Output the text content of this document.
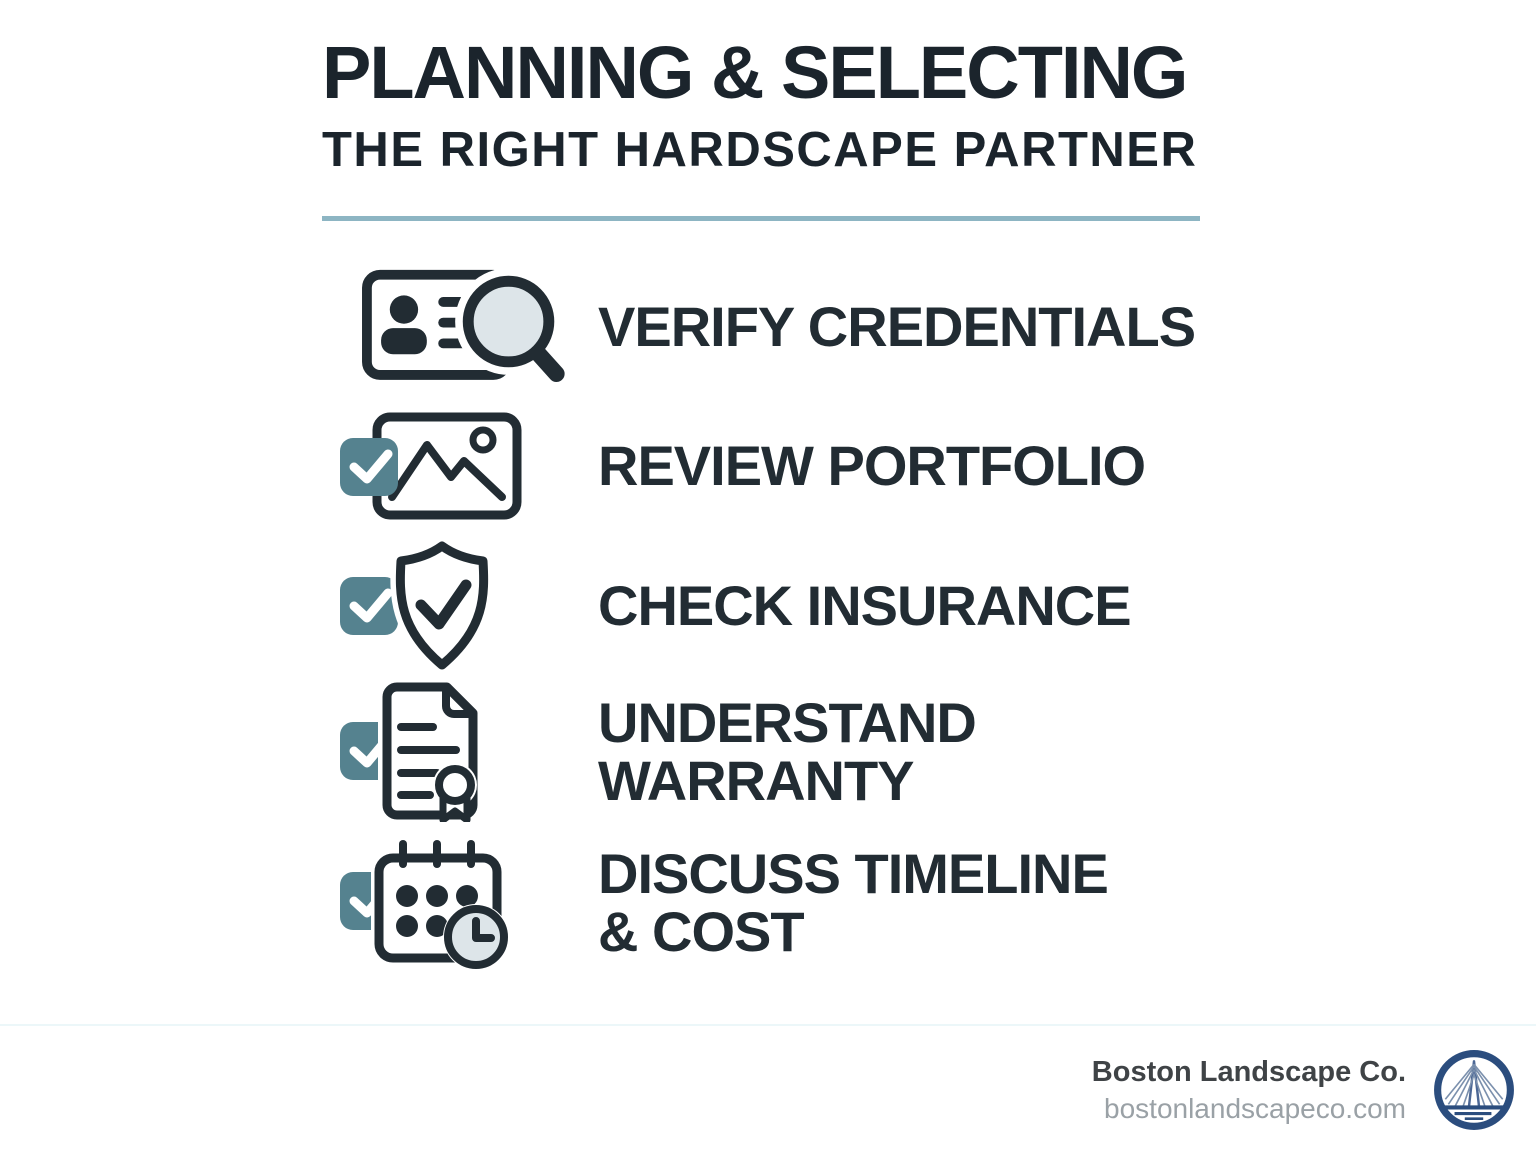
PLANNING & SELECTING
THE RIGHT HARDSCAPE PARTNER
VERIFY CREDENTIALS
REVIEW PORTFOLIO
CHECK INSURANCE
UNDERSTAND
WARRANTY
DISCUSS TIMELINE
& COST
Boston Landscape Co.
bostonlandscapeco.com
